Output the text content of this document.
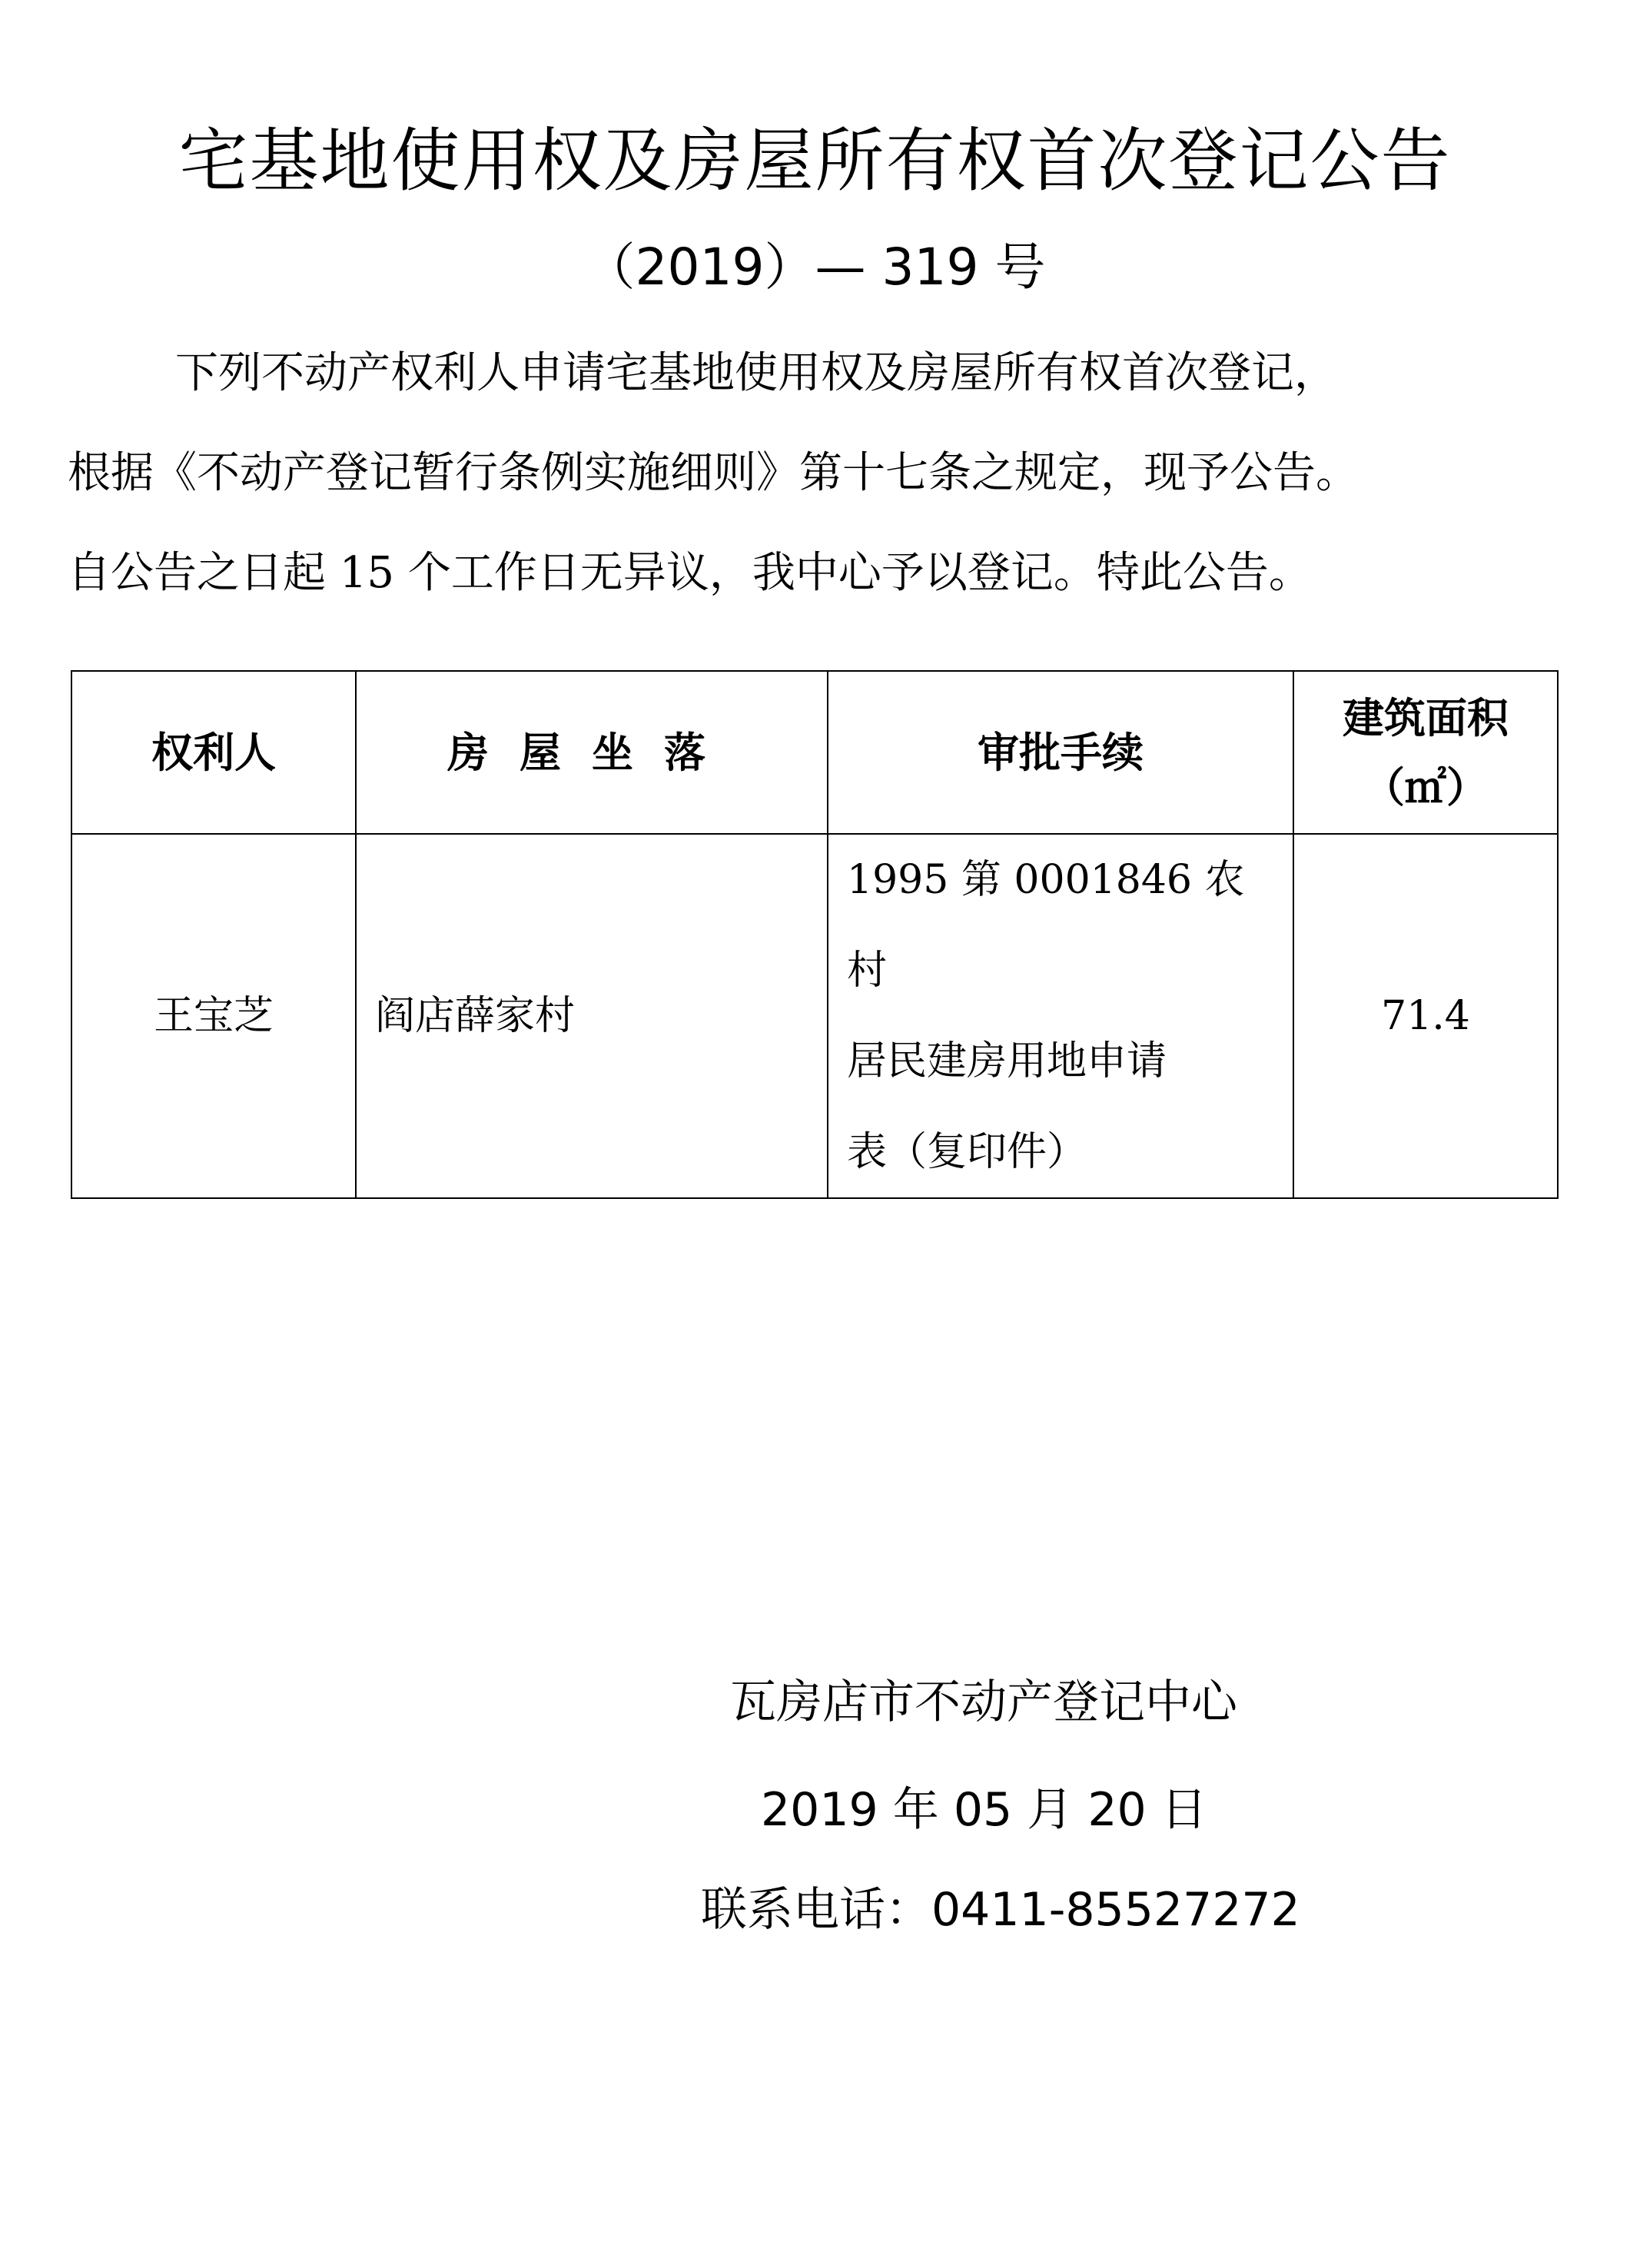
宅基地使用权及房屋所有权首次登记公告
（2019）— 319 号
下列不动产权利人申请宅基地使用权及房屋所有权首次登记，
根据《不动产登记暂行条例实施细则》第十七条之规定，现予公告。
自公告之日起 15 个工作日无异议，我中心予以登记。特此公告。
权利人	房屋坐落	审批手续	建筑面积
（㎡）

王宝芝	阎店薛家村	1995 第 0001846 农村
居民建房用地申请
表（复印件）	71.4
瓦房店市不动产登记中心
2019 年 05 月 20 日
联系电话：0411-85527272
